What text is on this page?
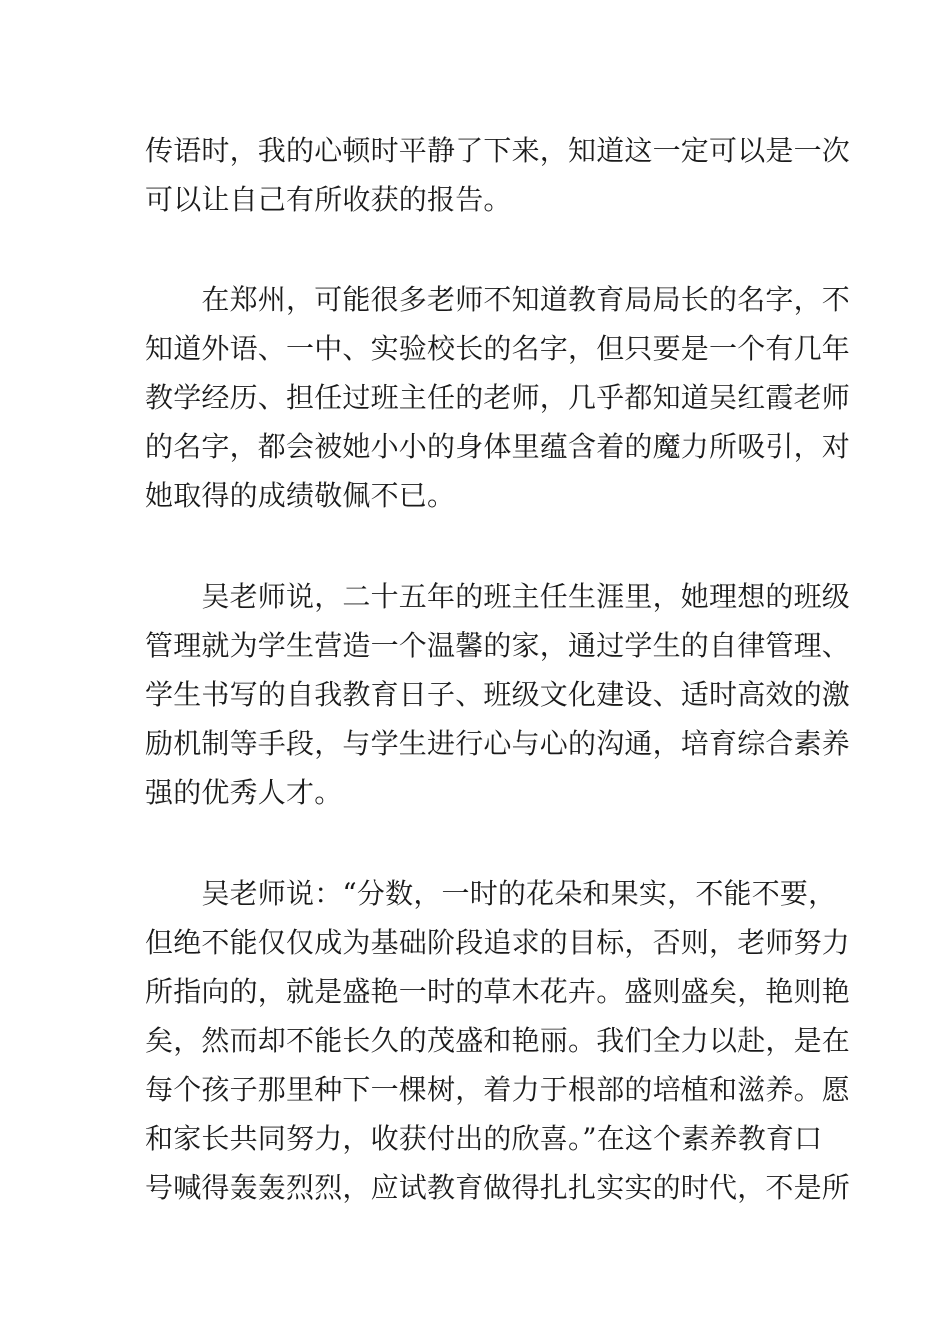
传语时，我的心顿时平静了下来，知道这一定可以是一次
可以让自己有所收获的报告。
　　在郑州，可能很多老师不知道教育局局长的名字，不
知道外语、一中、实验校长的名字，但只要是一个有几年
教学经历、担任过班主任的老师，几乎都知道吴红霞老师
的名字，都会被她小小的身体里蕴含着的魔力所吸引，对
她取得的成绩敬佩不已。
　　吴老师说，二十五年的班主任生涯里，她理想的班级
管理就为学生营造一个温馨的家，通过学生的自律管理、
学生书写的自我教育日子、班级文化建设、适时高效的激
励机制等手段，与学生进行心与心的沟通，培育综合素养
强的优秀人才。
　　吴老师说：“分数，一时的花朵和果实，不能不要，
但绝不能仅仅成为基础阶段追求的目标，否则，老师努力
所指向的，就是盛艳一时的草木花卉。盛则盛矣，艳则艳
矣，然而却不能长久的茂盛和艳丽。我们全力以赴，是在
每个孩子那里种下一棵树，着力于根部的培植和滋养。愿
和家长共同努力，收获付出的欣喜。”在这个素养教育口
号喊得轰轰烈烈，应试教育做得扎扎实实的时代，不是所
